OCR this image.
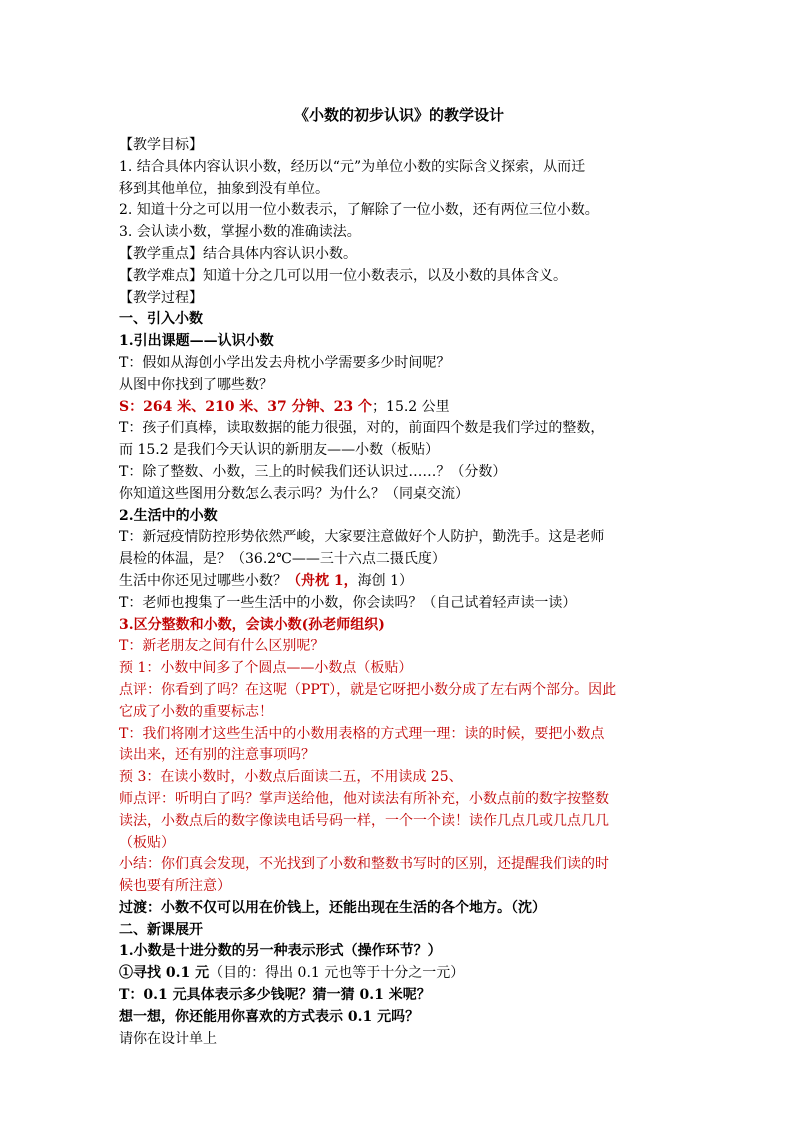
《小数的初步认识》的教学设计
【教学目标】
1. 结合具体内容认识小数，经历以“元”为单位小数的实际含义探索，从而迁
移到其他单位，抽象到没有单位。
2. 知道十分之可以用一位小数表示，了解除了一位小数，还有两位三位小数。
3. 会认读小数，掌握小数的准确读法。
【教学重点】结合具体内容认识小数。
【教学难点】知道十分之几可以用一位小数表示，以及小数的具体含义。
【教学过程】
一、引入小数
1.引出课题——认识小数
T：假如从海创小学出发去舟枕小学需要多少时间呢？
从图中你找到了哪些数？
S：264 米、210 米、37 分钟、23 个；15.2 公里
T：孩子们真棒，读取数据的能力很强，对的，前面四个数是我们学过的整数，
而 15.2 是我们今天认识的新朋友——小数（板贴）
T：除了整数、小数，三上的时候我们还认识过……？（分数）
你知道这些图用分数怎么表示吗？为什么？（同桌交流）
2.生活中的小数
T：新冠疫情防控形势依然严峻，大家要注意做好个人防护，勤洗手。这是老师
晨检的体温，是？（36.2℃——三十六点二摄氏度）
生活中你还见过哪些小数？（舟枕 1，海创 1）
T：老师也搜集了一些生活中的小数，你会读吗？（自己试着轻声读一读）
3.区分整数和小数，会读小数(孙老师组织)
T：新老朋友之间有什么区别呢？
预 1：小数中间多了个圆点——小数点（板贴）
点评：你看到了吗？在这呢（PPT），就是它呀把小数分成了左右两个部分。因此
它成了小数的重要标志！
T：我们将刚才这些生活中的小数用表格的方式理一理：读的时候，要把小数点
读出来，还有别的注意事项吗？
预 3：在读小数时，小数点后面读二五，不用读成 25、
师点评：听明白了吗？掌声送给他，他对读法有所补充，小数点前的数字按整数
读法，小数点后的数字像读电话号码一样，一个一个读！读作几点几或几点几几
（板贴）
小结：你们真会发现，不光找到了小数和整数书写时的区别，还提醒我们读的时
候也要有所注意）
过渡：小数不仅可以用在价钱上，还能出现在生活的各个地方。（沈）
二、新课展开
1.小数是十进分数的另一种表示形式（操作环节？）
①寻找 0.1 元（目的：得出 0.1 元也等于十分之一元）
T：0.1 元具体表示多少钱呢？猜一猜 0.1 米呢？
想一想，你还能用你喜欢的方式表示 0.1 元吗？
请你在设计单上
